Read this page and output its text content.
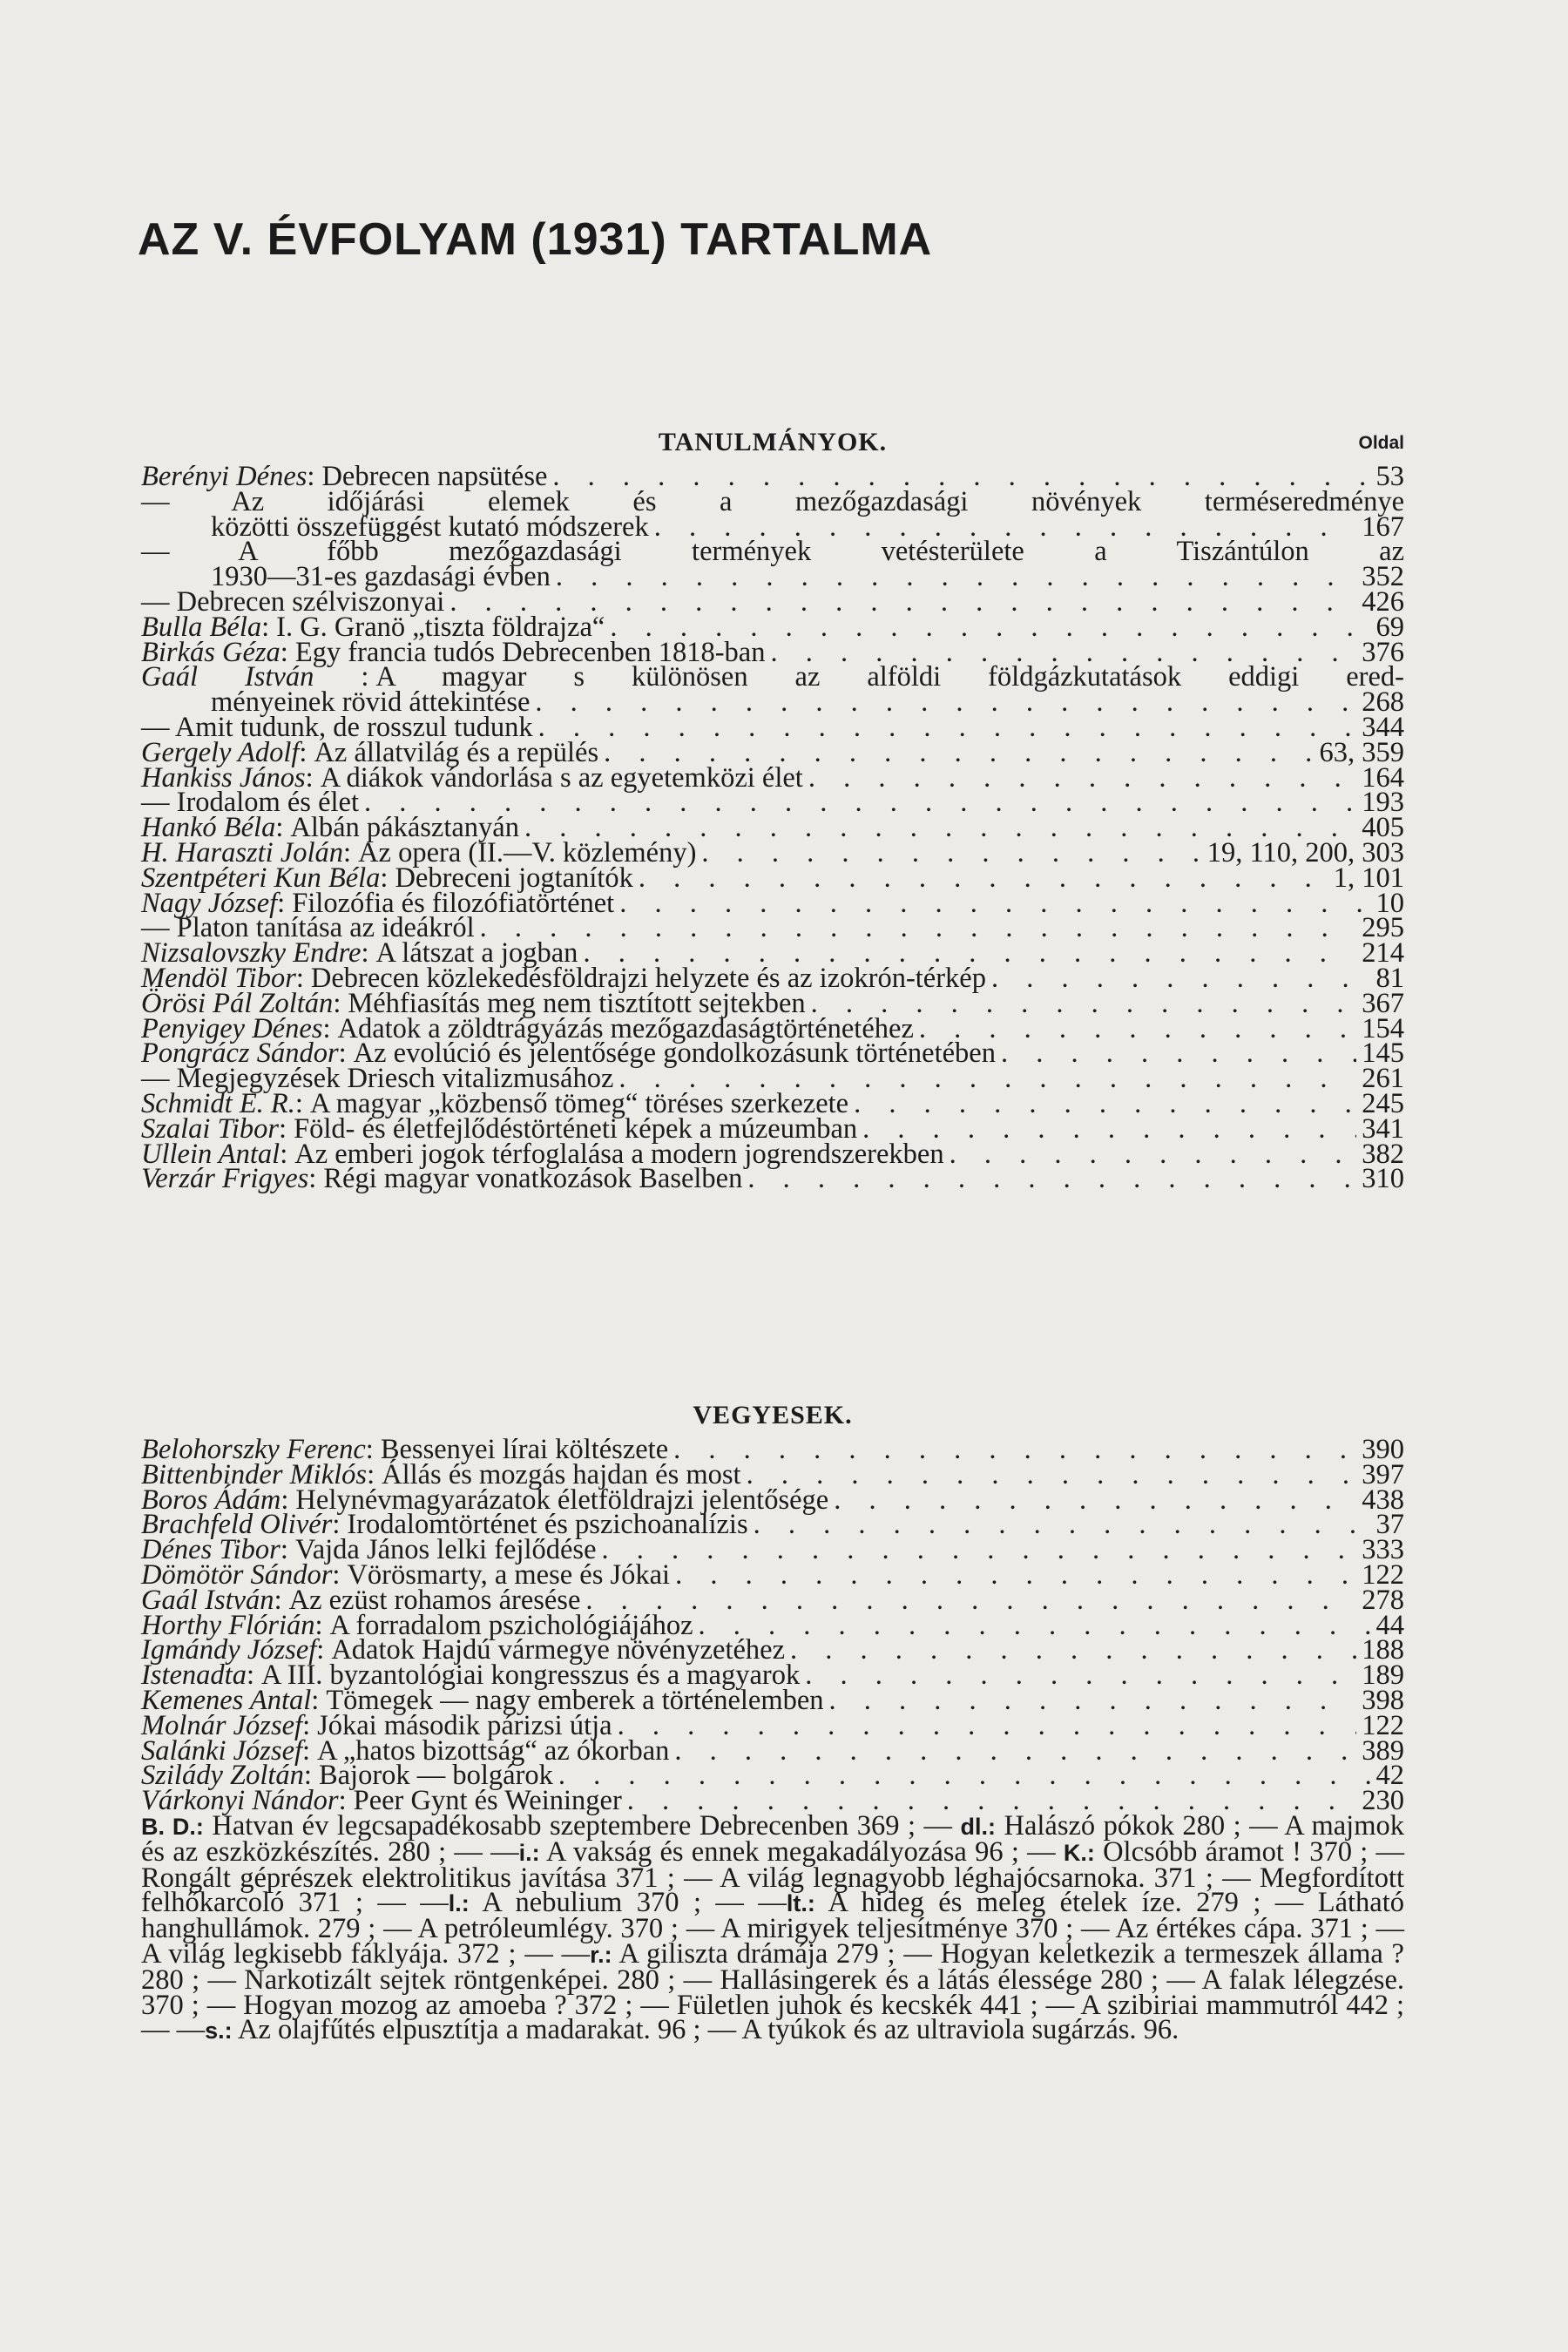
AZ V. ÉVFOLYAM (1931) TARTALMA
TANULMÁNYOK.	Oldal
Berényi Dénes : Debrecen napsütése . . .	53
— Az időjárási elemek és a mezőgazdasági növények terméseredménye
közötti összefüggést kutató módszerek . . .	167
— A főbb mezőgazdasági termények vetésterülete a Tiszántúlon az
1930—31-es gazdasági évben . . .	352
— Debrecen szélviszonyai . . .	426
Bulla Béla : I. G. Granö „tiszta földrajza“ . . .	69
Birkás Géza : Egy francia tudós Debrecenben 1818-ban . . .	376
Gaál István : A magyar s különösen az alföldi földgázkutatások eddigi ered-
ményeinek rövid áttekintése . . .	268
— Amit tudunk, de rosszul tudunk . . .	344
Gergely Adolf : Az állatvilág és a repülés . . .	63, 359
Hankiss János : A diákok vándorlása s az egyetemközi élet . . .	164
— Irodalom és élet . . .	193
Hankó Béla : Albán pákásztanyán . . .	405
H. Haraszti Jolán : Az opera (II.—V. közlemény) . . .	19, 110, 200, 303
Szentpéteri Kun Béla : Debreceni jogtanítók . . .	1, 101
Nagy József : Filozófia és filozófiatörténet . . .	10
— Platon tanítása az ideákról . . .	295
Nizsalovszky Endre : A látszat a jogban . . .	214
Mendöl Tibor : Debrecen közlekedésföldrajzi helyzete és az izokrón-térkép . . .	81
Örösi Pál Zoltán : Méhfiasítás meg nem tisztított sejtekben . . .	367
Penyigey Dénes : Adatok a zöldtrágyázás mezőgazdaságtörténetéhez . . .	154
Pongrácz Sándor : Az evolúció és jelentősége gondolkozásunk történetében . . .	145
— Megjegyzések Driesch vitalizmusához . . .	261
Schmidt E. R. : A magyar „közbenső tömeg“ töréses szerkezete . . .	245
Szalai Tibor : Föld- és életfejlődéstörténeti képek a múzeumban . . .	341
Ullein Antal : Az emberi jogok térfoglalása a modern jogrendszerekben . . .	382
Verzár Frigyes : Régi magyar vonatkozások Baselben . . .	310
VEGYESEK.
Belohorszky Ferenc : Bessenyei lírai költészete . . .	390
Bittenbinder Miklós : Állás és mozgás hajdan és most . . .	397
Boros Ádám : Helynévmagyarázatok életföldrajzi jelentősége . . .	438
Brachfeld Olivér : Irodalomtörténet és pszichoanalízis . . .	37
Dénes Tibor : Vajda János lelki fejlődése . . .	333
Dömötör Sándor : Vörösmarty, a mese és Jókai . . .	122
Gaál István : Az ezüst rohamos áresése . . .	278
Horthy Flórián : A forradalom pszichológiájához . . .	44
Igmándy József : Adatok Hajdú vármegye növényzetéhez . . .	188
Istenadta : A III. byzantológiai kongresszus és a magyarok . . .	189
Kemenes Antal : Tömegek — nagy emberek a történelemben . . .	398
Molnár József : Jókai második párizsi útja . . .	122
Salánki József : A „hatos bizottság“ az ókorban . . .	389
Szilády Zoltán : Bajorok — bolgárok . . .	42
Várkonyi Nándor : Peer Gynt és Weininger . . .	230
B. D.: Hatvan év legcsapadékosabb szeptembere Debrecenben 369 ; — dl.: Halászó pókok 280 ; — A majmok és az eszközkészítés. 280 ; — —i.: A vakság és ennek megakadályozása 96 ; — K.: Olcsóbb áramot ! 370 ; — Rongált géprészek elektrolitikus javítása 371 ; — A világ legnagyobb léghajócsarnoka. 371 ; — Megfordított felhőkarcoló 371 ; — —l.: A nebulium 370 ; — —lt.: A hideg és meleg ételek íze. 279 ; — Látható hanghullámok. 279 ; — A petróleumlégy. 370 ; — A mirigyek teljesítménye 370 ; — Az értékes cápa. 371 ; — A világ legkisebb fáklyája. 372 ; — —r.: A giliszta drámája 279 ; — Hogyan keletkezik a termeszek állama ? 280 ; — Narkotizált sejtek röntgenképei. 280 ; — Hallásingerek és a látás élessége 280 ; — A falak lélegzése. 370 ; — Hogyan mozog az amoeba ? 372 ; — Fületlen juhok és kecskék 441 ; — A szibiriai mammutról 442 ; — —s.: Az olajfűtés elpusztítja a madarakat. 96 ; — A tyúkok és az ultraviola sugárzás. 96.
